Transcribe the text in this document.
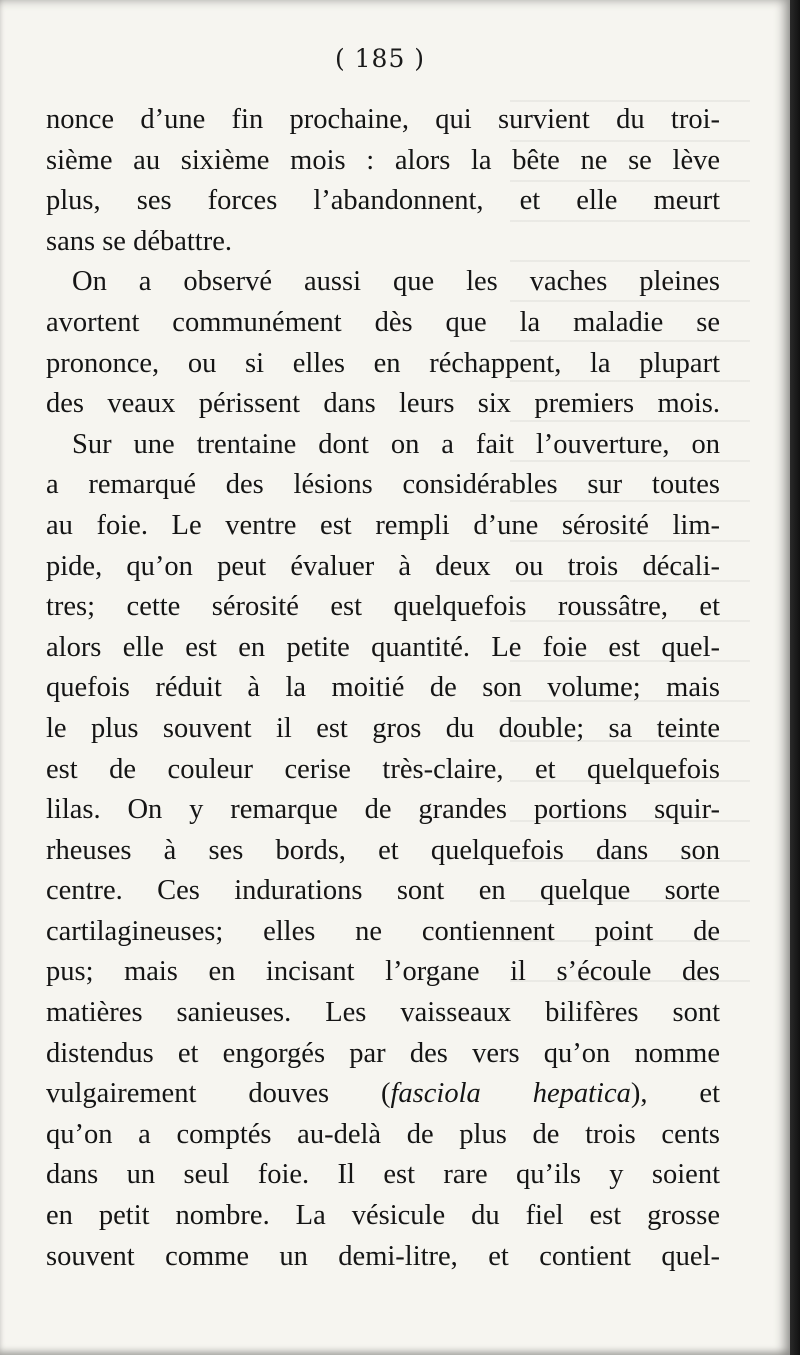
( 185 )
nonce d’une fin prochaine, qui survient du troi-
sième au sixième mois : alors la bête ne se lève
plus, ses forces l’abandonnent, et elle meurt
sans se débattre.
On a observé aussi que les vaches pleines
avortent communément dès que la maladie se
prononce, ou si elles en réchappent, la plupart
des veaux périssent dans leurs six premiers mois.
Sur une trentaine dont on a fait l’ouverture, on
a remarqué des lésions considérables sur toutes
au foie. Le ventre est rempli d’une sérosité lim-
pide, qu’on peut évaluer à deux ou trois décali-
tres; cette sérosité est quelquefois roussâtre, et
alors elle est en petite quantité. Le foie est quel-
quefois réduit à la moitié de son volume; mais
le plus souvent il est gros du double; sa teinte
est de couleur cerise très-claire, et quelquefois
lilas. On y remarque de grandes portions squir-
rheuses à ses bords, et quelquefois dans son
centre. Ces indurations sont en quelque sorte
cartilagineuses; elles ne contiennent point de
pus; mais en incisant l’organe il s’écoule des
matières sanieuses. Les vaisseaux bilifères sont
distendus et engorgés par des vers qu’on nomme
vulgairement douves (fasciola hepatica), et
qu’on a comptés au-delà de plus de trois cents
dans un seul foie. Il est rare qu’ils y soient
en petit nombre. La vésicule du fiel est grosse
souvent comme un demi-litre, et contient quel-
